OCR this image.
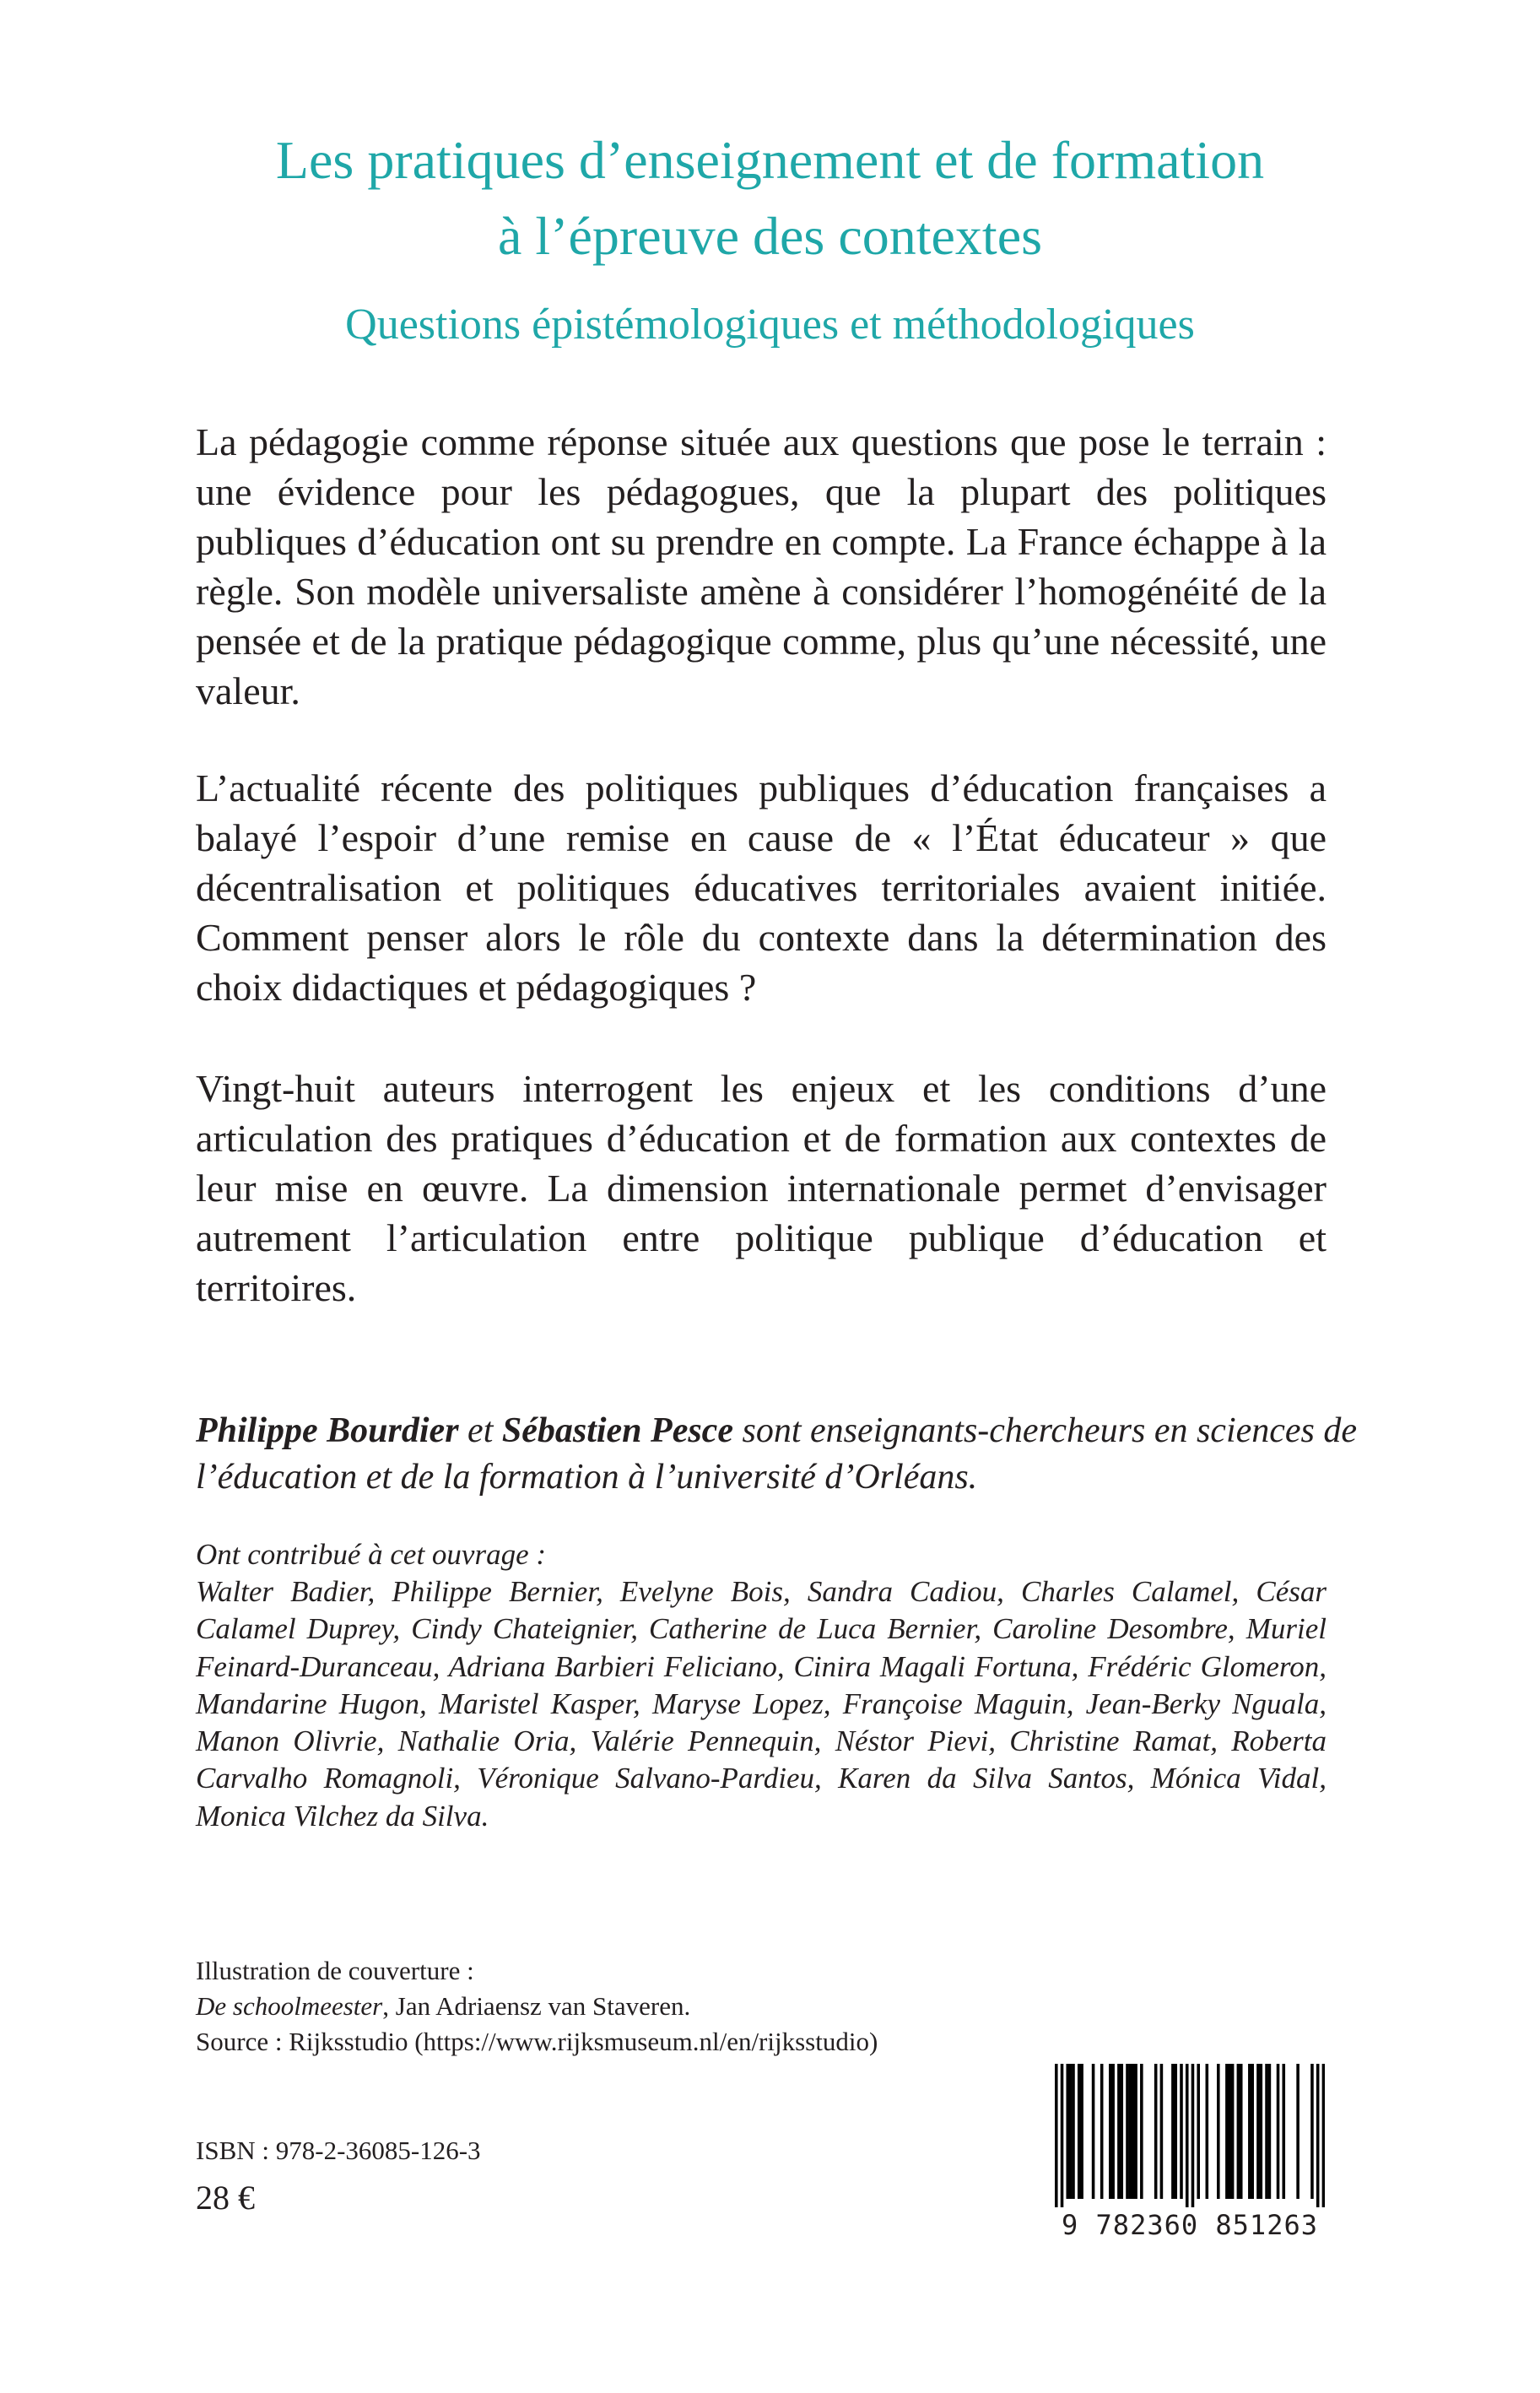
Les pratiques d’enseignement et de formation
à l’épreuve des contextes
Questions épistémologiques et méthodologiques
La pédagogie comme réponse située aux questions que pose le terrain : une évidence pour les pédagogues, que la plupart des politiques publiques d’éducation ont su prendre en compte. La France échappe à la règle. Son modèle universaliste amène à considérer l’homogénéité de la pensée et de la pratique pédagogique comme, plus qu’une nécessité, une valeur.
L’actualité récente des politiques publiques d’éducation françaises a balayé l’espoir d’une remise en cause de « l’État éducateur » que décentralisation et politiques éducatives territoriales avaient initiée. Comment penser alors le rôle du contexte dans la détermination des choix didactiques et pédagogiques ?
Vingt-huit auteurs interrogent les enjeux et les conditions d’une articulation des pratiques d’éducation et de formation aux contextes de leur mise en œuvre. La dimension internationale permet d’envisager autrement l’articulation entre politique publique d’éducation et territoires.
Philippe Bourdier et Sébastien Pesce sont enseignants-chercheurs en sciences de l’éducation et de la formation à l’université d’Orléans.
Ont contribué à cet ouvrage :
Walter Badier, Philippe Bernier, Evelyne Bois, Sandra Cadiou, Charles Calamel, César Calamel Duprey, Cindy Chateignier, Catherine de Luca Bernier, Caroline Desombre, Muriel Feinard-Duranceau, Adriana Barbieri Feliciano, Cinira Magali Fortuna, Frédéric Glomeron, Mandarine Hugon, Maristel Kasper, Maryse Lopez, Françoise Maguin, Jean-Berky Nguala, Manon Olivrie, Nathalie Oria, Valérie Pennequin, Néstor Pievi, Christine Ramat, Roberta Carvalho Romagnoli, Véronique Salvano-Pardieu, Karen da Silva Santos, Mónica Vidal, Monica Vilchez da Silva.
Illustration de couverture :
De schoolmeester, Jan Adriaensz van Staveren.
Source : Rijksstudio (https://www.rijksmuseum.nl/en/rijksstudio)
ISBN : 978-2-36085-126-3
28 €
9 782360 851263
